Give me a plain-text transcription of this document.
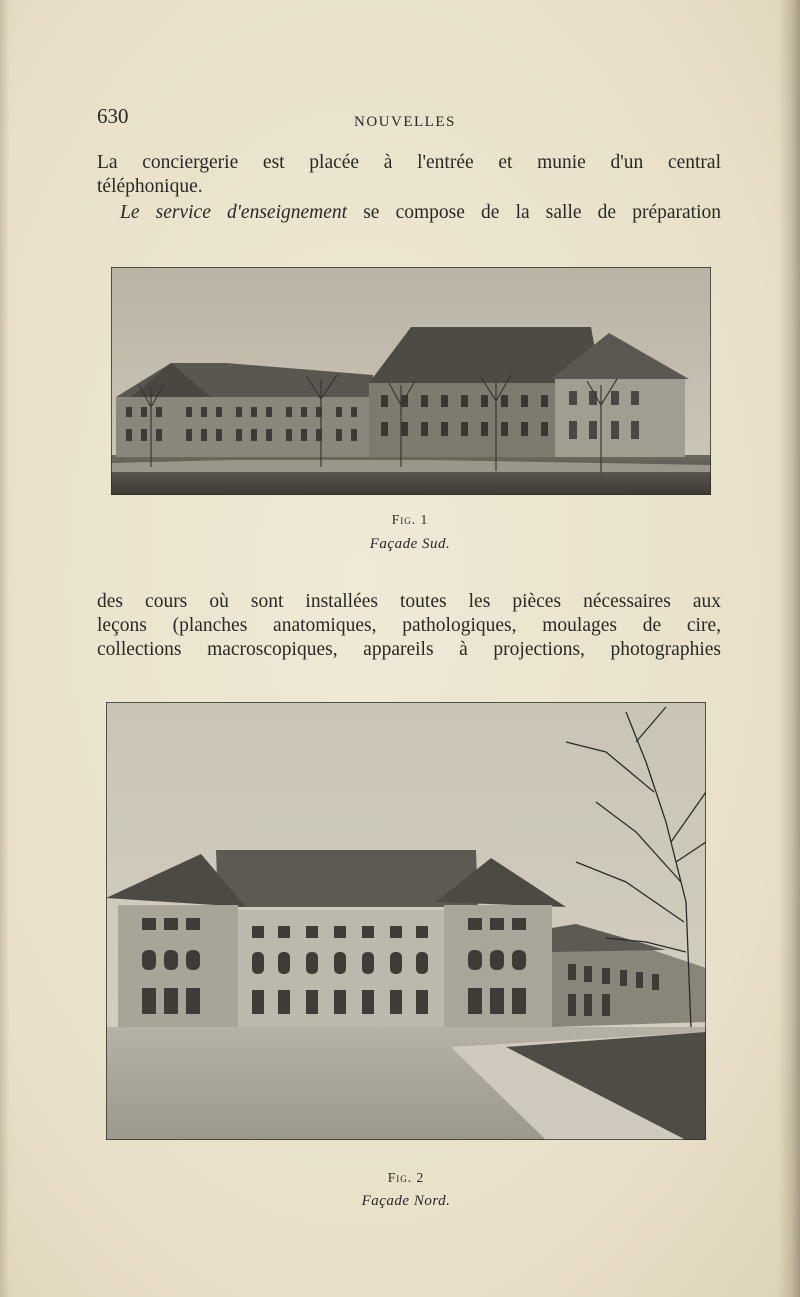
630	NOUVELLES
La conciergerie est placée à l'entrée et munie d'un central
téléphonique.
Le service d'enseignement se compose de la salle de préparation
Fig. 1
Façade Sud.
des cours où sont installées toutes les pièces nécessaires aux
leçons (planches anatomiques, pathologiques, moulages de cire,
collections macroscopiques, appareils à projections, photographies
Fig. 2
Façade Nord.
